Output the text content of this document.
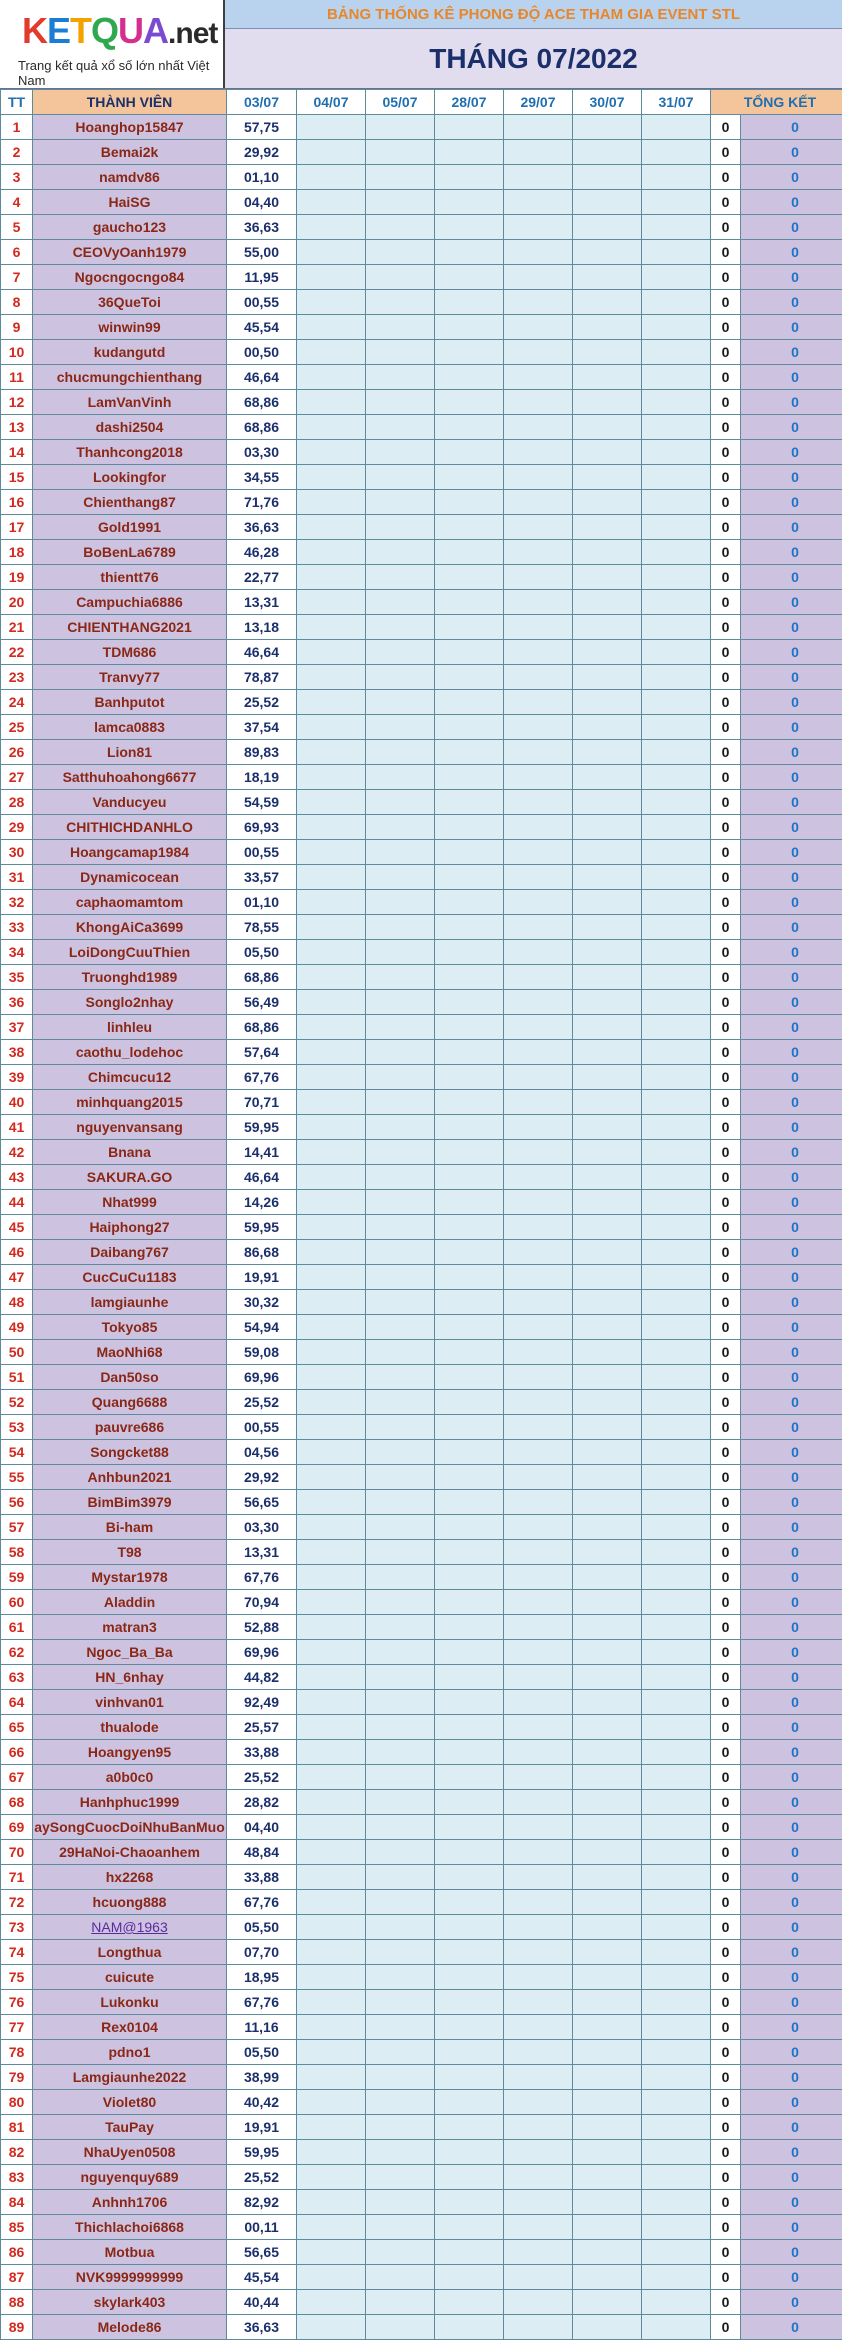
KETQUA.net
Trang kết quả xổ số lớn nhất Việt Nam
BẢNG THỐNG KÊ PHONG ĐỘ ACE THAM GIA EVENT STL
THÁNG 07/2022
TT	THÀNH VIÊN	03/07	04/07	05/07	28/07	29/07	30/07	31/07	TỔNG KẾT	
1	Hoanghop15847	57,75							0	0
2	Bemai2k	29,92							0	0
3	namdv86	01,10							0	0
4	HaiSG	04,40							0	0
5	gaucho123	36,63							0	0
6	CEOVyOanh1979	55,00							0	0
7	Ngocngocngo84	11,95							0	0
8	36QueToi	00,55							0	0
9	winwin99	45,54							0	0
10	kudangutd	00,50							0	0
11	chucmungchienthang	46,64							0	0
12	LamVanVinh	68,86							0	0
13	dashi2504	68,86							0	0
14	Thanhcong2018	03,30							0	0
15	Lookingfor	34,55							0	0
16	Chienthang87	71,76							0	0
17	Gold1991	36,63							0	0
18	BoBenLa6789	46,28							0	0
19	thientt76	22,77							0	0
20	Campuchia6886	13,31							0	0
21	CHIENTHANG2021	13,18							0	0
22	TDM686	46,64							0	0
23	Tranvy77	78,87							0	0
24	Banhputot	25,52							0	0
25	lamca0883	37,54							0	0
26	Lion81	89,83							0	0
27	Satthuhoahong6677	18,19							0	0
28	Vanducyeu	54,59							0	0
29	CHITHICHDANHLO	69,93							0	0
30	Hoangcamap1984	00,55							0	0
31	Dynamicocean	33,57							0	0
32	caphaomamtom	01,10							0	0
33	KhongAiCa3699	78,55							0	0
34	LoiDongCuuThien	05,50							0	0
35	Truonghd1989	68,86							0	0
36	Songlo2nhay	56,49							0	0
37	linhleu	68,86							0	0
38	caothu_lodehoc	57,64							0	0
39	Chimcucu12	67,76							0	0
40	minhquang2015	70,71							0	0
41	nguyenvansang	59,95							0	0
42	Bnana	14,41							0	0
43	SAKURA.GO	46,64							0	0
44	Nhat999	14,26							0	0
45	Haiphong27	59,95							0	0
46	Daibang767	86,68							0	0
47	CucCuCu1183	19,91							0	0
48	lamgiaunhe	30,32							0	0
49	Tokyo85	54,94							0	0
50	MaoNhi68	59,08							0	0
51	Dan50so	69,96							0	0
52	Quang6688	25,52							0	0
53	pauvre686	00,55							0	0
54	Songcket88	04,56							0	0
55	Anhbun2021	29,92							0	0
56	BimBim3979	56,65							0	0
57	Bi-ham	03,30							0	0
58	T98	13,31							0	0
59	Mystar1978	67,76							0	0
60	Aladdin	70,94							0	0
61	matran3	52,88							0	0
62	Ngoc_Ba_Ba	69,96							0	0
63	HN_6nhay	44,82							0	0
64	vinhvan01	92,49							0	0
65	thualode	25,57							0	0
66	Hoangyen95	33,88							0	0
67	a0b0c0	25,52							0	0
68	Hanhphuc1999	28,82							0	0
69	aySongCuocDoiNhuBanMuo	04,40							0	0
70	29HaNoi-Chaoanhem	48,84							0	0
71	hx2268	33,88							0	0
72	hcuong888	67,76							0	0
73	NAM@1963	05,50							0	0
74	Longthua	07,70							0	0
75	cuicute	18,95							0	0
76	Lukonku	67,76							0	0
77	Rex0104	11,16							0	0
78	pdno1	05,50							0	0
79	Lamgiaunhe2022	38,99							0	0
80	Violet80	40,42							0	0
81	TauPay	19,91							0	0
82	NhaUyen0508	59,95							0	0
83	nguyenquy689	25,52							0	0
84	Anhnh1706	82,92							0	0
85	Thichlachoi6868	00,11							0	0
86	Motbua	56,65							0	0
87	NVK9999999999	45,54							0	0
88	skylark403	40,44							0	0
89	Melode86	36,63							0	0
